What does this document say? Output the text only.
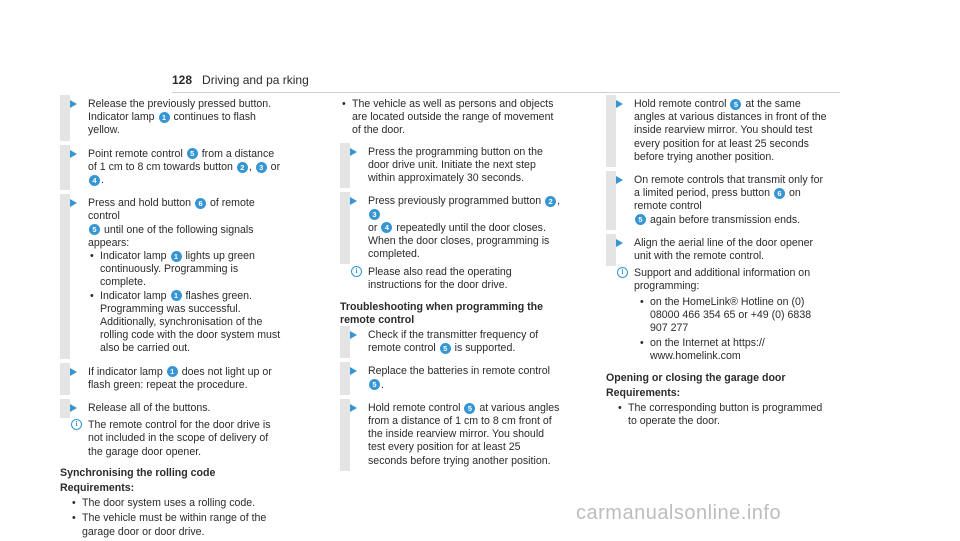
128 Driving and pa rking

Release the previously pressed button.
Indicator lamp 1 continues to flash yellow.

Point remote control 5 from a distance of 1 cm to 8 cm towards button 2 , 3 or 4 .

Press and hold button 6 of remote control
5 until one of the following signals appears:

• Indicator lamp 1 lights up green continuously. Programming is complete.
• Indicator lamp 1 flashes green. Programming was successful. Additionally, synchronisation of the rolling code with the door system must also be carried out.

If indicator lamp 1 does not light up or flash green: repeat the procedure.

Release all of the buttons.

i The remote control for the door drive is not included in the scope of delivery of the garage door opener.

Synchronising the rolling code

Requirements:

• The door system uses a rolling code.
• The vehicle must be within range of the garage door or door drive.
• The vehicle as well as persons and objects are located outside the range of movement of the door.

Press the programming button on the door drive unit. Initiate the next step within approximately 30 seconds.

Press previously programmed button 2 , 3
or 4 repeatedly until the door closes. When the door closes, programming is completed.

i Please also read the operating instructions for the door drive.

Troubleshooting when programming the remote control

Check if the transmitter frequency of remote control 5 is supported.

Replace the batteries in remote control 5 .

Hold remote control 5 at various angles from a distance of 1 cm to 8 cm front of the inside rearview mirror. You should test every position for at least 25 seconds before trying another position.

Hold remote control 5 at the same angles at various distances in front of the inside rearview mirror. You should test every position for at least 25 seconds before trying another position.

On remote controls that transmit only for a limited period, press button 6 on remote control
5 again before transmission ends.

Align the aerial line of the door opener unit with the remote control.

i Support and additional information on programming:

• on the HomeLink® Hotline on (0) 08000 466 354 65 or +49 (0) 6838 907 277
• on the Internet at https:// www.homelink.com

Opening or closing the garage door

Requirements:

• The corresponding button is programmed to operate the door.
carmanualsonline.info
